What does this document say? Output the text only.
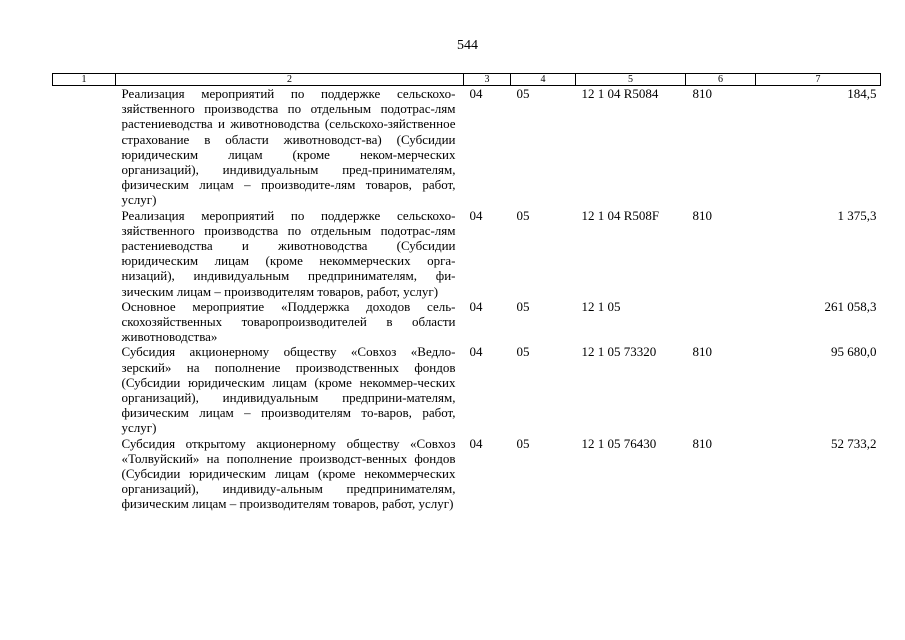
544
1	2	3	4	5	6	7
	Реализация мероприятий по поддержке сельскохо-зяйственного производства по отдельным подотрас-лям растениеводства и животноводства (сельскохо-зяйственное страхование в области животноводст-ва) (Субсидии юридическим лицам (кроме неком-мерческих организаций), индивидуальным пред-принимателям, физическим лицам – производите-лям товаров, работ, услуг)	04	05	12 1 04 R5084	810	184,5
	Реализация мероприятий по поддержке сельскохо-зяйственного производства по отдельным подотрас-лям растениеводства и животноводства (Субсидии юридическим лицам (кроме некоммерческих орга-низаций), индивидуальным предпринимателям, фи-зическим лицам – производителям товаров, работ, услуг)	04	05	12 1 04 R508F	810	1 375,3
	Основное мероприятие «Поддержка доходов сель-скохозяйственных товаропроизводителей в области животноводства»	04	05	12 1 05		261 058,3
	Субсидия акционерному обществу «Совхоз «Ведло-зерский» на пополнение производственных фондов (Субсидии юридическим лицам (кроме некоммер-ческих организаций), индивидуальным предприни-мателям, физическим лицам – производителям то-варов, работ, услуг)	04	05	12 1 05 73320	810	95 680,0
	Субсидия открытому акционерному обществу «Совхоз «Толвуйский» на пополнение производст-венных фондов (Субсидии юридическим лицам (кроме некоммерческих организаций), индивиду-альным предпринимателям, физическим лицам – производителям товаров, работ, услуг)	04	05	12 1 05 76430	810	52 733,2
